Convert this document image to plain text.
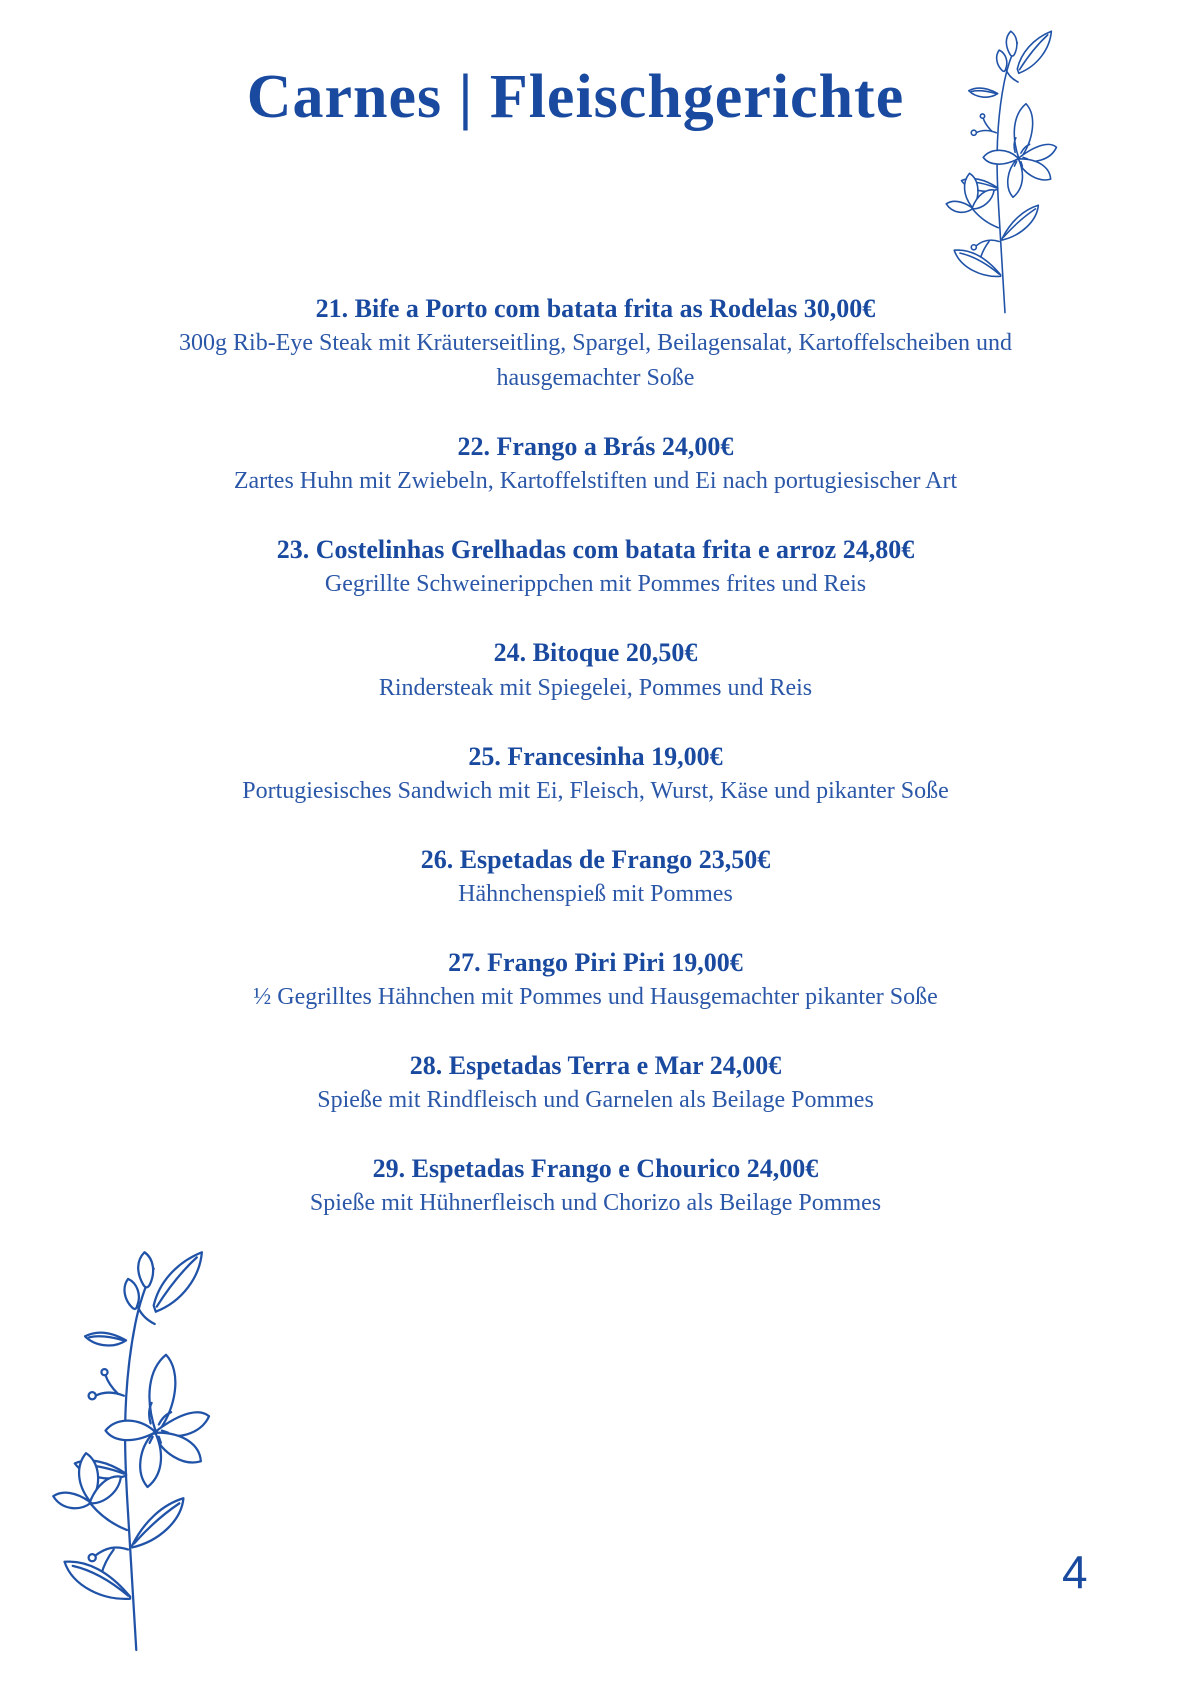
Carnes | Fleischgerichte
21. Bife a Porto com batata frita as Rodelas 30,00€
300g Rib-Eye Steak mit Kräuterseitling, Spargel, Beilagensalat, Kartoffelscheiben und hausgemachter Soße
22. Frango a Brás 24,00€
Zartes Huhn mit Zwiebeln, Kartoffelstiften und Ei nach portugiesischer Art
23. Costelinhas Grelhadas com batata frita e arroz 24,80€
Gegrillte Schweinerippchen mit Pommes frites und Reis
24. Bitoque 20,50€
Rindersteak mit Spiegelei, Pommes und Reis
25. Francesinha 19,00€
Portugiesisches Sandwich mit Ei, Fleisch, Wurst, Käse und pikanter Soße
26. Espetadas de Frango 23,50€
Hähnchenspieß mit Pommes
27. Frango Piri Piri 19,00€
½ Gegrilltes Hähnchen mit Pommes und Hausgemachter pikanter Soße
28. Espetadas Terra e Mar 24,00€
Spieße mit Rindfleisch und Garnelen als Beilage Pommes
29. Espetadas Frango e Chourico 24,00€
Spieße mit Hühnerfleisch und Chorizo als Beilage Pommes
4
